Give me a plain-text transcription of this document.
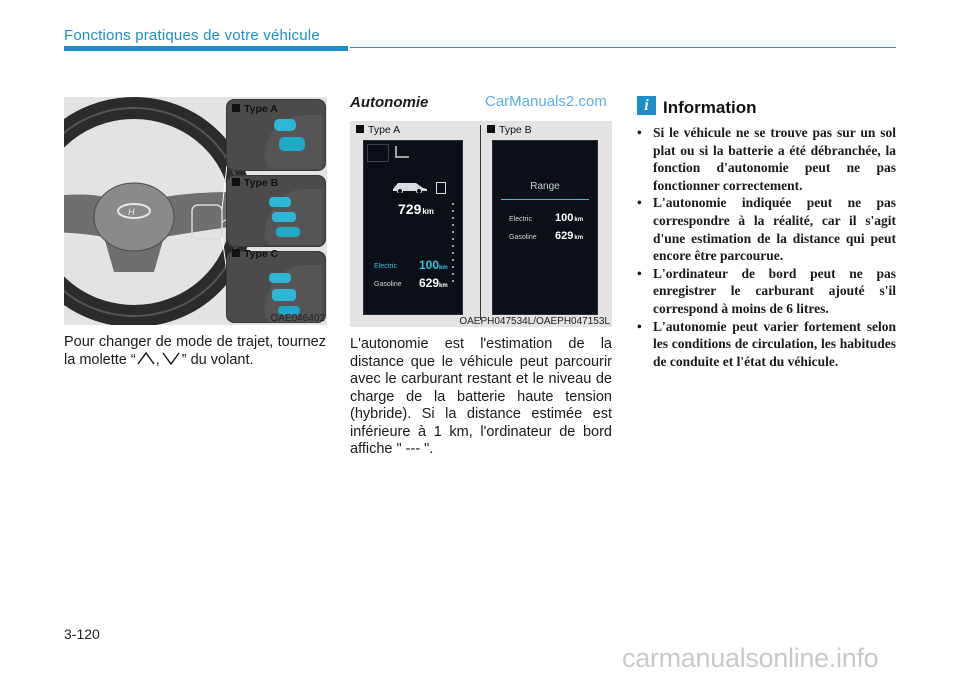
Fonctions pratiques de votre véhicule
H
Type A
Type B
Type C
OAE046402
Pour changer de mode de trajet, tournez la molette “ , ” du volant.
Autonomie	CarManuals2.com
Type A	Type B
729km
Electric 100km
Gasoline 629km
Range
Electric 100km
Gasoline 629km
OAEPH047534L/OAEPH047153L
L'autonomie est l'estimation de la distance que le véhicule peut parcourir avec le carburant restant et le niveau de charge de la batterie haute tension (hybride). Si la distance estimée est inférieure à 1 km, l'ordinateur de bord affiche " --- ".
i Information
• Si le véhicule ne se trouve pas sur un sol plat ou si la batterie a été débranchée, la fonction d'autonomie peut ne pas fonctionner correctement.
• L'autonomie indiquée peut ne pas correspondre à la réalité, car il s'agit d'une estimation de la distance qui peut encore être parcourue.
• L'ordinateur de bord peut ne pas enregistrer le carburant ajouté s'il correspond à moins de 6 litres.
• L'autonomie peut varier fortement selon les conditions de circulation, les habitudes de conduite et l'état du véhicule.
3-120
carmanualsonline.info
